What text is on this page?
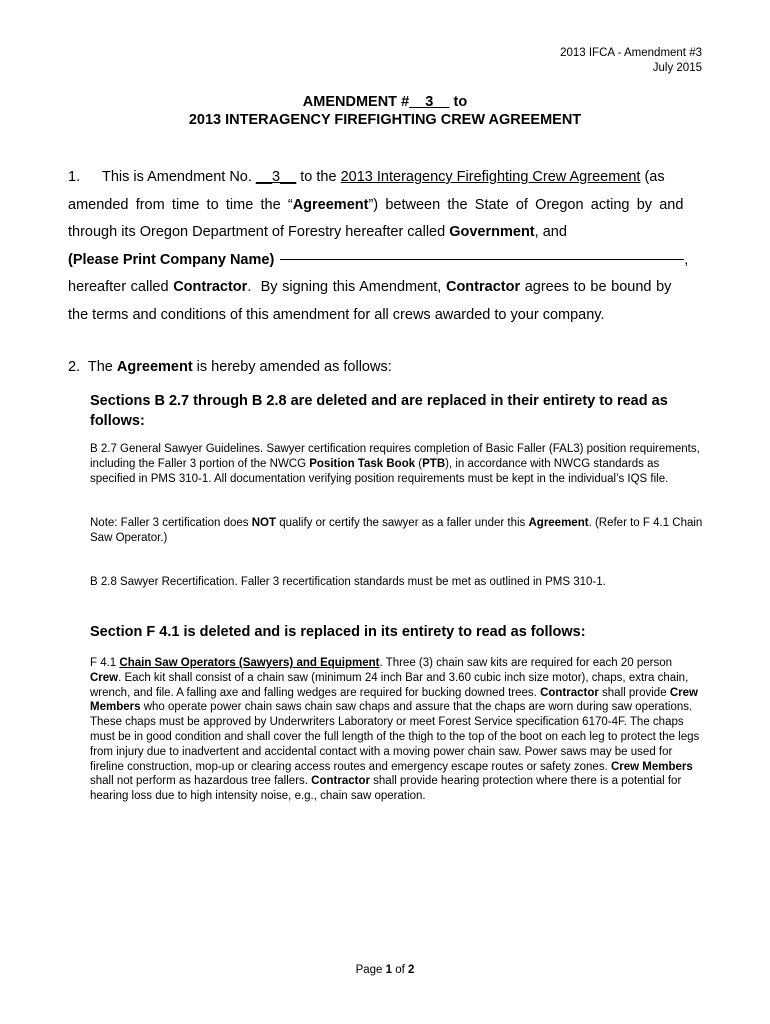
2013 IFCA - Amendment #3
July 2015
AMENDMENT #__3__ to
2013 INTERAGENCY FIREFIGHTING CREW AGREEMENT
1.	This is Amendment No. __3__ to the 2013 Interagency Firefighting Crew Agreement (as
amended from time to time the “ Agreement ”) between the State of Oregon acting by and
through its Oregon Department of Forestry hereafter called Government , and
(Please Print Company Name)	,
hereafter called Contractor .  By signing this Amendment, Contractor agrees to be bound by
the terms and conditions of this amendment for all crews awarded to your company.
2.  The Agreement is hereby amended as follows:
Sections B 2.7 through B 2.8 are deleted and are replaced in their entirety to read as follows:
B 2.7 General Sawyer Guidelines. Sawyer certification requires completion of Basic Faller (FAL3) position requirements, including the Faller 3 portion of the NWCG Position Task Book (PTB), in accordance with NWCG standards as specified in PMS 310-1. All documentation verifying position requirements must be kept in the individual’s IQS file.
Note: Faller 3 certification does NOT qualify or certify the sawyer as a faller under this Agreement. (Refer to F 4.1 Chain Saw Operator.)
B 2.8 Sawyer Recertification. Faller 3 recertification standards must be met as outlined in PMS 310-1.
Section F 4.1 is deleted and is replaced in its entirety to read as follows:
F 4.1 Chain Saw Operators (Sawyers) and Equipment. Three (3) chain saw kits are required for each 20 person Crew. Each kit shall consist of a chain saw (minimum 24 inch Bar and 3.60 cubic inch size motor), chaps, extra chain, wrench, and file. A falling axe and falling wedges are required for bucking downed trees. Contractor shall provide Crew Members who operate power chain saws chain saw chaps and assure that the chaps are worn during saw operations. These chaps must be approved by Underwriters Laboratory or meet Forest Service specification 6170-4F. The chaps must be in good condition and shall cover the full length of the thigh to the top of the boot on each leg to protect the legs from injury due to inadvertent and accidental contact with a moving power chain saw. Power saws may be used for fireline construction, mop-up or clearing access routes and emergency escape routes or safety zones. Crew Members shall not perform as hazardous tree fallers. Contractor shall provide hearing protection where there is a potential for hearing loss due to high intensity noise, e.g., chain saw operation.
Page 1 of 2
